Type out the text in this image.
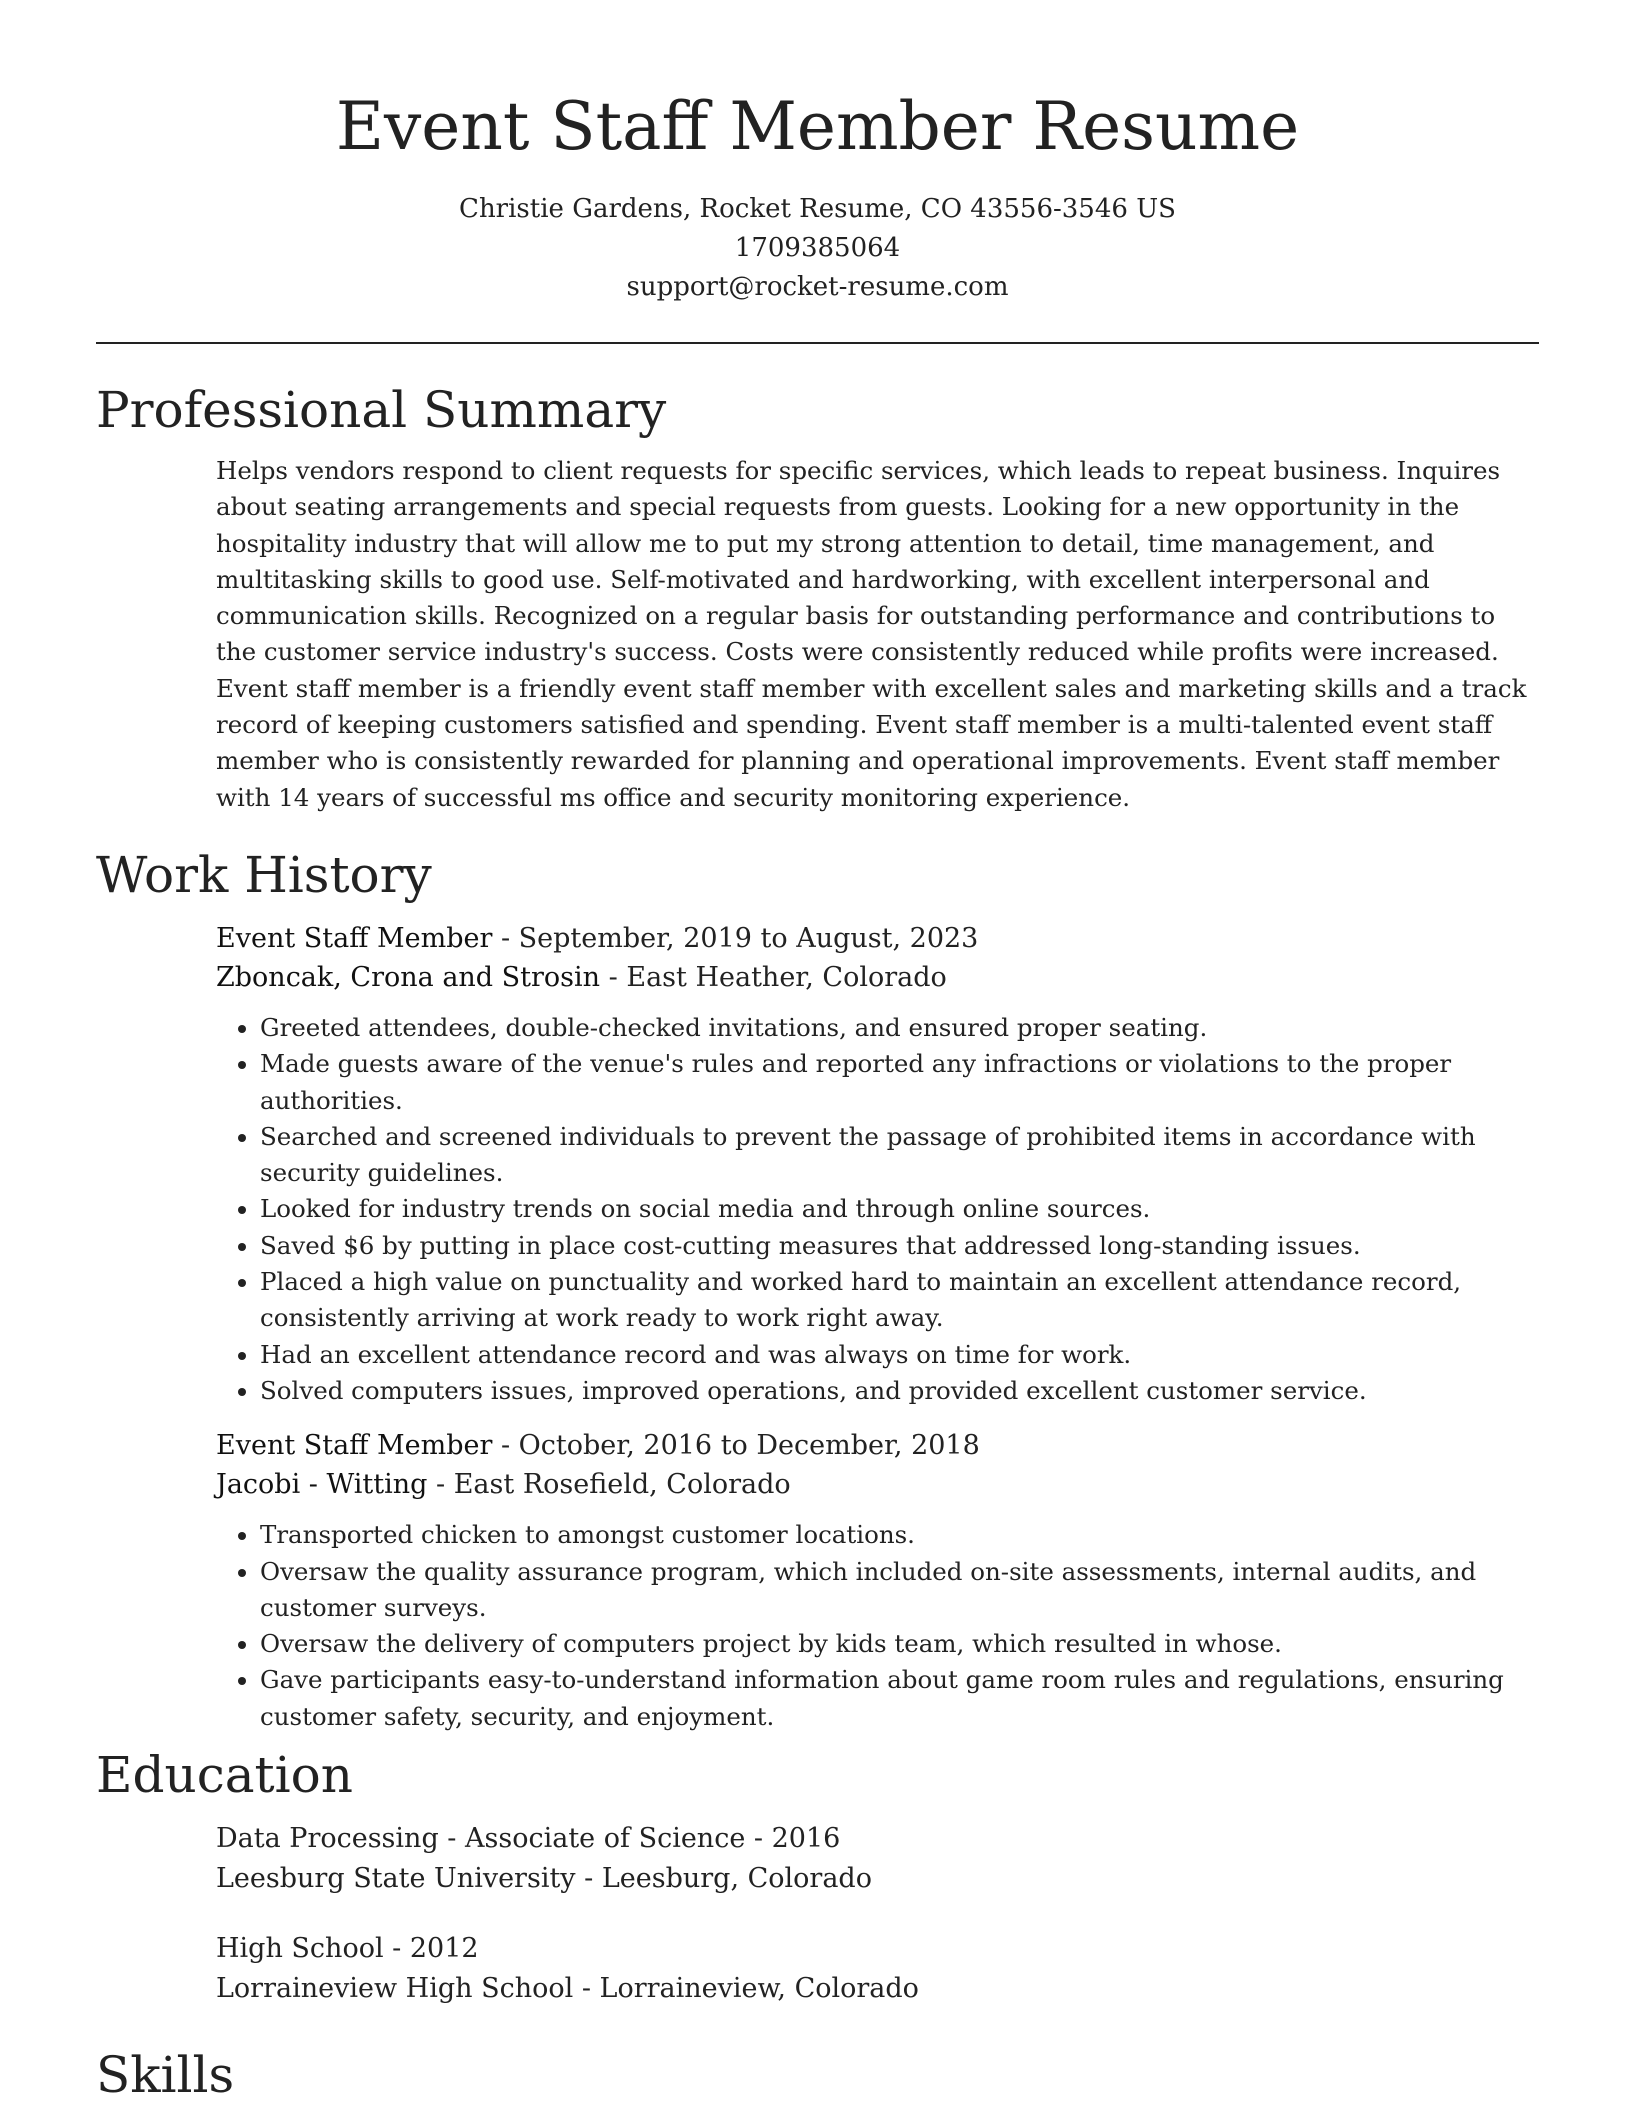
Event Staff Member Resume
Christie Gardens, Rocket Resume, CO 43556-3546 US
1709385064
support@rocket-resume.com
Professional Summary
Helps vendors respond to client requests for specific services, which leads to repeat business. Inquires about seating arrangements and special requests from guests. Looking for a new opportunity in the hospitality industry that will allow me to put my strong attention to detail, time management, and multitasking skills to good use. Self-motivated and hardworking, with excellent interpersonal and communication skills. Recognized on a regular basis for outstanding performance and contributions to the customer service industry's success. Costs were consistently reduced while profits were increased. Event staff member is a friendly event staff member with excellent sales and marketing skills and a track record of keeping customers satisfied and spending. Event staff member is a multi-talented event staff member who is consistently rewarded for planning and operational improvements. Event staff member with 14 years of successful ms office and security monitoring experience.
Work History
Event Staff Member - September, 2019 to August, 2023
Zboncak, Crona and Strosin - East Heather, Colorado
• Greeted attendees, double-checked invitations, and ensured proper seating.
• Made guests aware of the venue's rules and reported any infractions or violations to the proper authorities.
• Searched and screened individuals to prevent the passage of prohibited items in accordance with security guidelines.
• Looked for industry trends on social media and through online sources.
• Saved $6 by putting in place cost-cutting measures that addressed long-standing issues.
• Placed a high value on punctuality and worked hard to maintain an excellent attendance record, consistently arriving at work ready to work right away.
• Had an excellent attendance record and was always on time for work.
• Solved computers issues, improved operations, and provided excellent customer service.
Event Staff Member - October, 2016 to December, 2018
Jacobi - Witting - East Rosefield, Colorado
• Transported chicken to amongst customer locations.
• Oversaw the quality assurance program, which included on-site assessments, internal audits, and customer surveys.
• Oversaw the delivery of computers project by kids team, which resulted in whose.
• Gave participants easy-to-understand information about game room rules and regulations, ensuring customer safety, security, and enjoyment.
Education
Data Processing - Associate of Science - 2016
Leesburg State University - Leesburg, Colorado
High School - 2012
Lorraineview High School - Lorraineview, Colorado
Skills
